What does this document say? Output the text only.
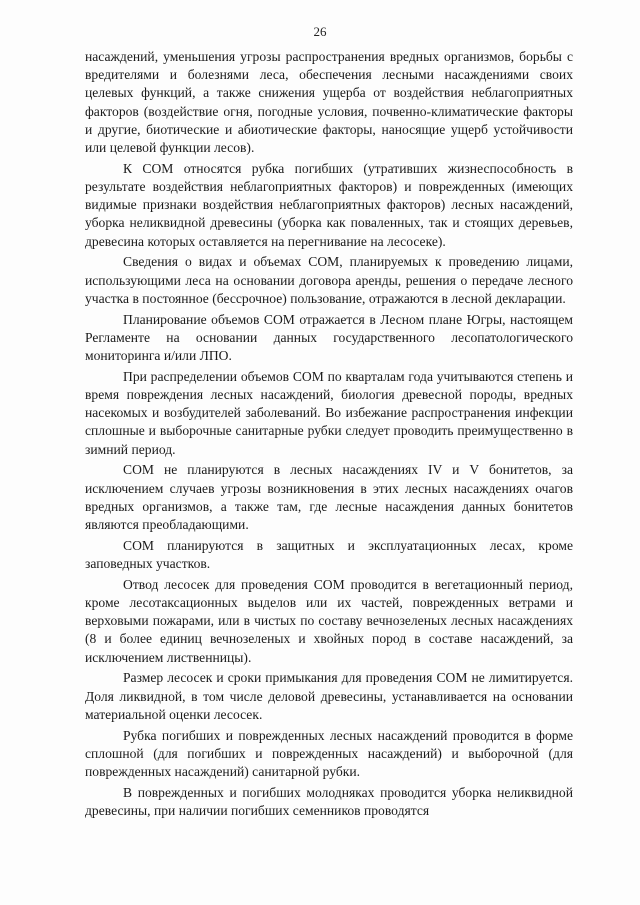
26

насаждений, уменьшения угрозы распространения вредных организмов, борьбы с вредителями и болезнями леса, обеспечения лесными насаждениями своих целевых функций, а также снижения ущерба от воздействия неблагоприятных факторов (воздействие огня, погодные условия, почвенно-климатические факторы и другие, биотические и абиотические факторы, наносящие ущерб устойчивости или целевой функции лесов).

К СОМ относятся рубка погибших (утративших жизнеспособность в результате воздействия неблагоприятных факторов) и поврежденных (имеющих видимые признаки воздействия неблагоприятных факторов) лесных насаждений, уборка неликвидной древесины (уборка как поваленных, так и стоящих деревьев, древесина которых оставляется на перегнивание на лесосеке).

Сведения о видах и объемах СОМ, планируемых к проведению лицами, использующими леса на основании договора аренды, решения о передаче лесного участка в постоянное (бессрочное) пользование, отражаются в лесной декларации.

Планирование объемов СОМ отражается в Лесном плане Югры, настоящем Регламенте на основании данных государственного лесопатологического мониторинга и/или ЛПО.

При распределении объемов СОМ по кварталам года учитываются степень и время повреждения лесных насаждений, биология древесной породы, вредных насекомых и возбудителей заболеваний. Во избежание распространения инфекции сплошные и выборочные санитарные рубки следует проводить преимущественно в зимний период.

СОМ не планируются в лесных насаждениях IV и V бонитетов, за исключением случаев угрозы возникновения в этих лесных насаждениях очагов вредных организмов, а также там, где лесные насаждения данных бонитетов являются преобладающими.

СОМ планируются в защитных и эксплуатационных лесах, кроме заповедных участков.

Отвод лесосек для проведения СОМ проводится в вегетационный период, кроме лесотаксационных выделов или их частей, поврежденных ветрами и верховыми пожарами, или в чистых по составу вечнозеленых лесных насаждениях (8 и более единиц вечнозеленых и хвойных пород в составе насаждений, за исключением лиственницы).

Размер лесосек и сроки примыкания для проведения СОМ не лимитируется. Доля ликвидной, в том числе деловой древесины, устанавливается на основании материальной оценки лесосек.

Рубка погибших и поврежденных лесных насаждений проводится в форме сплошной (для погибших и поврежденных насаждений) и выборочной (для поврежденных насаждений) санитарной рубки.

В поврежденных и погибших молодняках проводится уборка неликвидной древесины, при наличии погибших семенников проводятся
